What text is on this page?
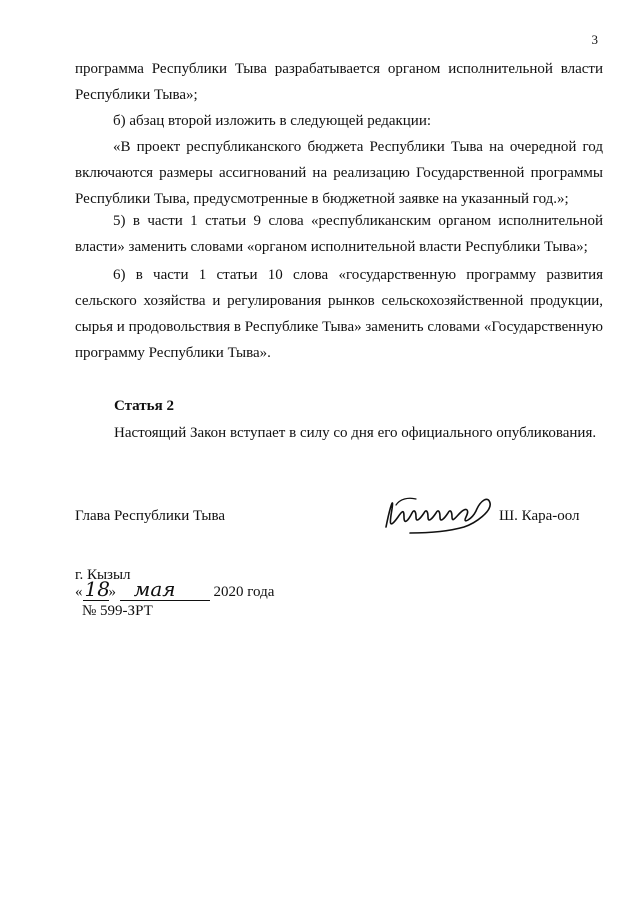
3

программа Республики Тыва разрабатывается органом исполнительной власти Республики Тыва»;

б) абзац второй изложить в следующей редакции:

«В проект республиканского бюджета Республики Тыва на очередной год включаются размеры ассигнований на реализацию Государственной программы Республики Тыва, предусмотренные в бюджетной заявке на указанный год.»;

5) в части 1 статьи 9 слова «республиканским органом исполнительной власти» заменить словами «органом исполнительной власти Республики Тыва»;

6) в части 1 статьи 10 слова «государственную программу развития сельского хозяйства и регулирования рынков сельскохозяйственной продукции, сырья и продовольствия в Республике Тыва» заменить словами «Государственную программу Республики Тыва».

Статья 2
Настоящий Закон вступает в силу со дня его официального опубликования.
Глава Республики Тыва	Ш. Кара-оол
г. Кызыл
« 18
» мая	2020 года
№ 599-ЗРТ
